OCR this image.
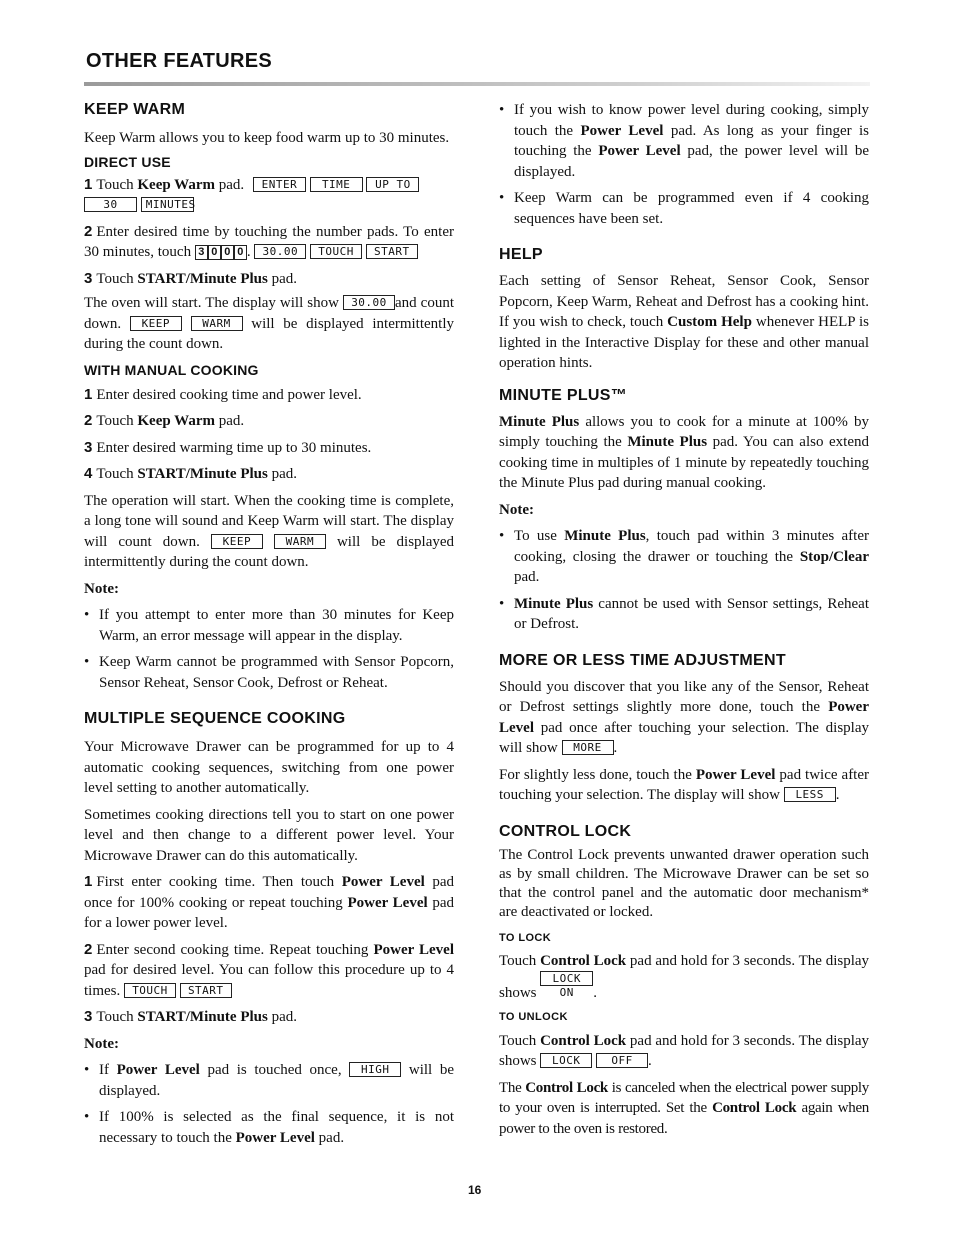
OTHER FEATURES
KEEP WARM

Keep Warm allows you to keep food warm up to 30 minutes.

DIRECT USE

1 Touch Keep Warm pad. ENTER TIME UP TO
30	MINUTES

2 Enter desired time by touching the number pads. To enter 30 minutes, touch 3 0 0 0 . 30.00 TOUCH START

3 Touch START/Minute Plus pad.

The oven will start. The display will show 30.00 and count down. KEEP	WARM will be displayed intermittently during the count down.

WITH MANUAL COOKING

1 Enter desired cooking time and power level.

2 Touch Keep Warm pad.

3 Enter desired warming time up to 30 minutes.

4 Touch START/Minute Plus pad.

The operation will start. When the cooking time is complete, a long tone will sound and Keep Warm will start. The display will count down. KEEP	WARM will be displayed intermittently during the count down.

Note:

• If you attempt to enter more than 30 minutes for Keep Warm, an error message will appear in the display.
• Keep Warm cannot be programmed with Sensor Popcorn, Sensor Reheat, Sensor Cook, Defrost or Reheat.
MULTIPLE SEQUENCE COOKING

Your Microwave Drawer can be programmed for up to 4 automatic cooking sequences, switching from one power level setting to another automatically.

Sometimes cooking directions tell you to start on one power level and then change to a different power level. Your Microwave Drawer can do this automatically.

1 First enter cooking time. Then touch Power Level pad once for 100% cooking or repeat touching Power Level pad for a lower power level.

2 Enter second cooking time. Repeat touching Power Level pad for desired level. You can follow this procedure up to 4 times. TOUCH START

3 Touch START/Minute Plus pad.

Note:

• If Power Level pad is touched once, HIGH will be displayed.
• If 100% is selected as the final sequence, it is not necessary to touch the Power Level pad.
• If you wish to know power level during cooking, simply touch the Power Level pad. As long as your finger is touching the Power Level pad, the power level will be displayed.
• Keep Warm can be programmed even if 4 cooking sequences have been set.
HELP

Each setting of Sensor Reheat, Sensor Cook, Sensor Popcorn, Keep Warm, Reheat and Defrost has a cooking hint. If you wish to check, touch Custom Help whenever HELP is lighted in the Interactive Display for these and other manual operation hints.

MINUTE PLUS™

Minute Plus allows you to cook for a minute at 100% by simply touching the Minute Plus pad. You can also extend cooking time in multiples of 1 minute by repeatedly touching the Minute Plus pad during manual cooking.

Note:

• To use Minute Plus, touch pad within 3 minutes after cooking, closing the drawer or touching the Stop/Clear pad.
• Minute Plus cannot be used with Sensor settings, Reheat or Defrost.
MORE OR LESS TIME ADJUSTMENT

Should you discover that you like any of the Sensor, Reheat or Defrost settings slightly more done, touch the Power Level pad once after touching your selection. The display will show MORE .

For slightly less done, touch the Power Level pad twice after touching your selection. The display will show LESS .

CONTROL LOCK

The Control Lock prevents unwanted drawer operation such as by small children. The Microwave Drawer can be set so that the control panel and the automatic door mechanism* are deactivated or locked.

TO LOCK

Touch Control Lock pad and hold for 3 seconds. The display shows LOCK ON .

TO UNLOCK

Touch Control Lock pad and hold for 3 seconds. The display shows LOCK	OFF .

The Control Lock is canceled when the electrical power supply to your oven is interrupted. Set the Control Lock again when power to the oven is restored.

16
